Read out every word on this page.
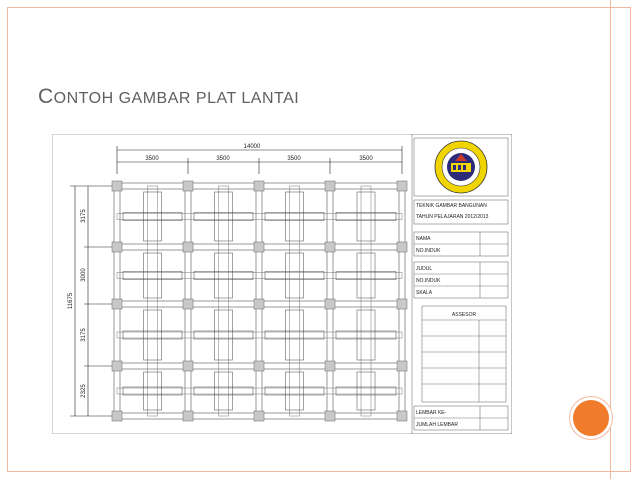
CONTOH GAMBAR PLAT LANTAI
14000
3500	3500	3500	3500
11675
3175
3000
3175
2325
TEKNIK GAMBAR BANGUNAN
TAHUN PELAJARAN 2012/2013
NAMA
NO.INDUK
JUDUL
NO.INDUK
SKALA
ASSESOR
LEMBAR KE-
JUMLAH LEMBAR
